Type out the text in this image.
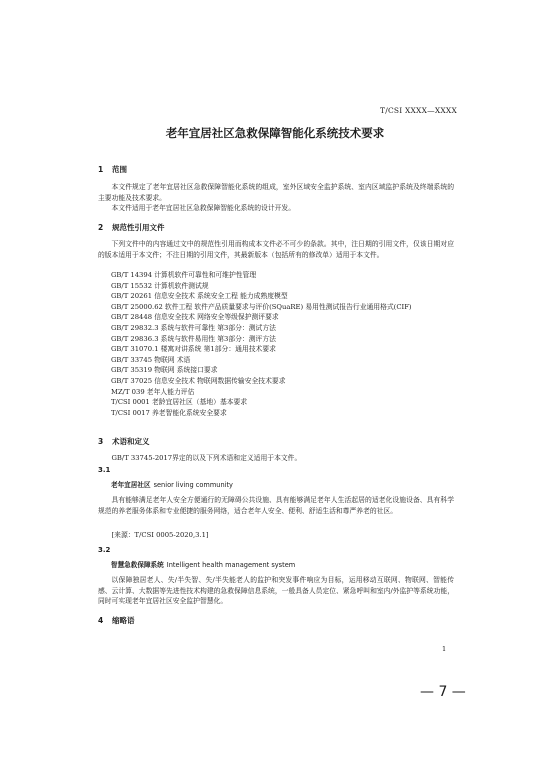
T/CSI XXXX—XXXX
老年宜居社区急救保障智能化系统技术要求
1 范围
本文件规定了老年宜居社区急救保障智能化系统的组成，室外区域安全监护系统、室内区域监护系统及终端系统的主要功能及技术要求。
本文件适用于老年宜居社区急救保障智能化系统的设计开发。
2 规范性引用文件
下列文件中的内容通过文中的规范性引用而构成本文件必不可少的条款。其中，注日期的引用文件，仅该日期对应的版本适用于本文件；不注日期的引用文件，其最新版本（包括所有的修改单）适用于本文件。
GB/T 14394 计算机软件可靠性和可维护性管理
GB/T 15532 计算机软件测试规
GB/T 20261 信息安全技术 系统安全工程 能力成熟度模型
GB/T 25000.62 软件工程 软件产品质量要求与评价(SQuaRE) 易用性测试报告行业通用格式(CIF)
GB/T 28448 信息安全技术 网络安全等级保护测评要求
GB/T 29832.3 系统与软件可靠性 第3部分：测试方法
GB/T 29836.3 系统与软件易用性 第3部分：测评方法
GB/T 31070.1 楼寓对讲系统 第1部分：通用技术要求
GB/T 33745 物联网 术语
GB/T 35319 物联网 系统接口要求
GB/T 37025 信息安全技术 物联网数据传输安全技术要求
MZ/T 039 老年人能力评估
T/CSI 0001 老龄宜居社区（基地）基本要求
T/CSI 0017 养老智能化系统安全要求
3 术语和定义
GB/T 33745-2017界定的以及下列术语和定义适用于本文件。
3.1
老年宜居社区 senior living community
具有能够满足老年人安全方便通行的无障碍公共设施、具有能够满足老年人生活起居的适老化设施设备、具有科学规范的养老服务体系和专业便捷的服务网络，适合老年人安全、便利、舒适生活和尊严养老的社区。
[来源：T/CSI 0005-2020,3.1]
3.2
智慧急救保障系统 Intelligent health management system
以保障独居老人、失/半失智、失/半失能老人的监护和突发事件响应为目标，运用移动互联网、物联网、智能传感、云计算、大数据等先进性技术构建的急救保障信息系统，一般具备人员定位、紧急呼叫和室内/外监护等系统功能，同时可实现老年宜居社区安全监护智慧化。
4 缩略语
1
— 7 —
